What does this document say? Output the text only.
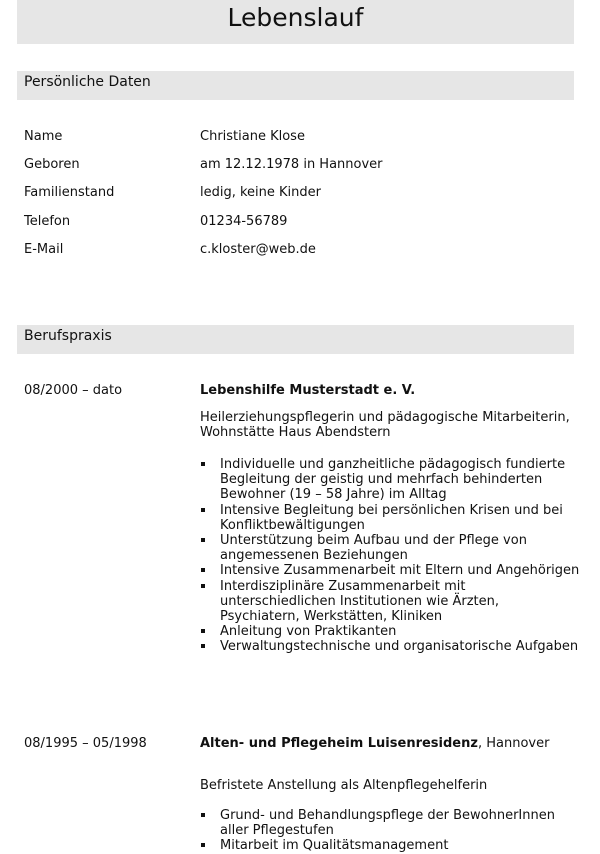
Lebenslauf
Persönliche Daten
Name	Christiane Klose
Geboren	am 12.12.1978 in Hannover
Familienstand	ledig, keine Kinder
Telefon	01234-56789
E-Mail	c.kloster@web.de
Berufspraxis
08/2000 – dato	Lebenshilfe Musterstadt e. V.
Heilerziehungspflegerin und pädagogische Mitarbeiterin, Wohnstätte Haus Abendstern
Individuelle und ganzheitliche pädagogisch fundierte Begleitung der geistig und mehrfach behinderten Bewohner (19 – 58 Jahre) im Alltag
Intensive Begleitung bei persönlichen Krisen und bei Konfliktbewältigungen
Unterstützung beim Aufbau und der Pflege von angemessenen Beziehungen
Intensive Zusammenarbeit mit Eltern und Angehörigen
Interdisziplinäre Zusammenarbeit mit unterschiedlichen Institutionen wie Ärzten, Psychiatern, Werkstätten, Kliniken
Anleitung von Praktikanten
Verwaltungstechnische und organisatorische Aufgaben
08/1995 – 05/1998	Alten- und Pflegeheim Luisenresidenz, Hannover
Befristete Anstellung als Altenpflegehelferin
Grund- und Behandlungspflege der BewohnerInnen aller Pflegestufen
Mitarbeit im Qualitätsmanagement
